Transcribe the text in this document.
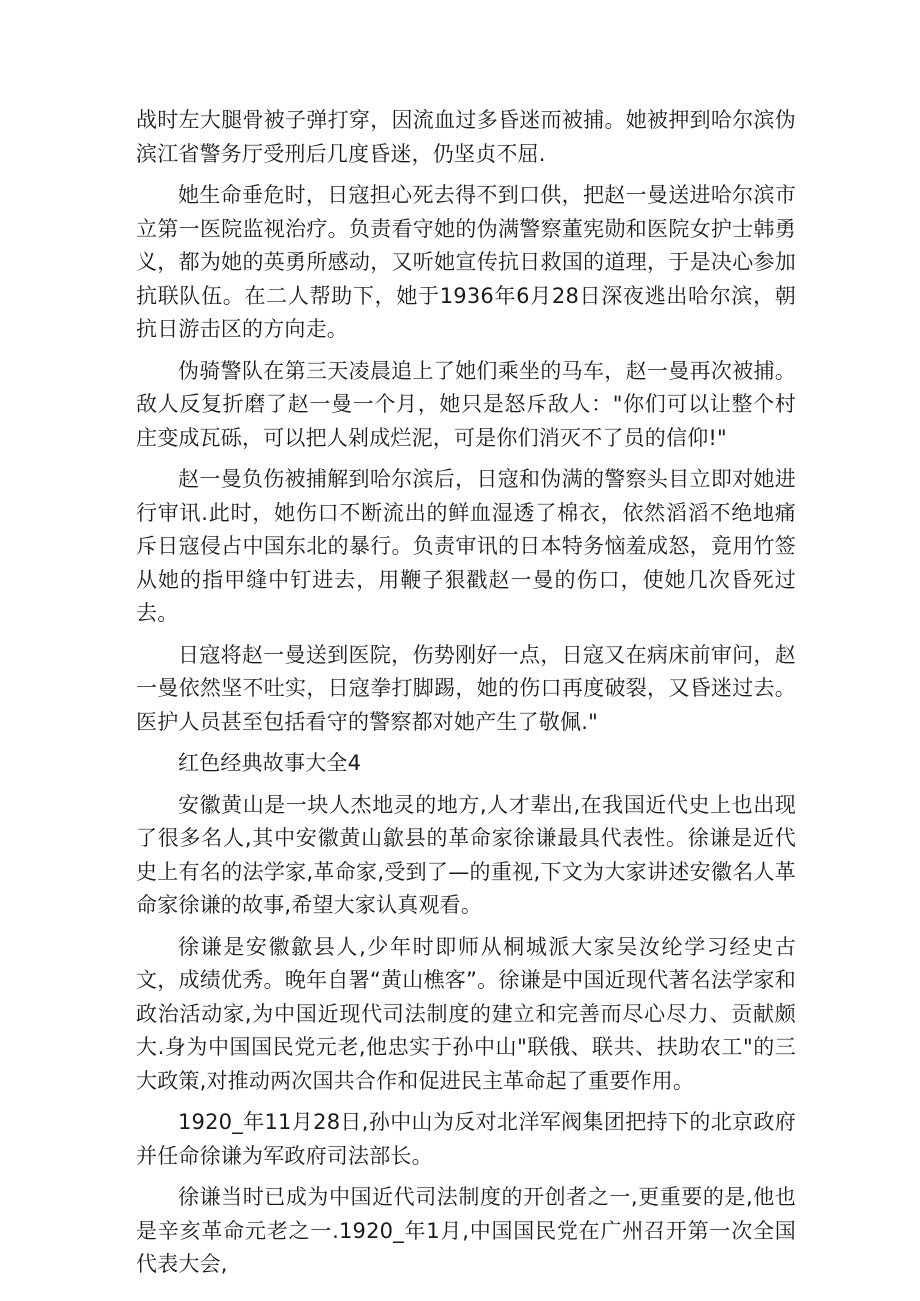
战时左大腿骨被子弹打穿，因流血过多昏迷而被捕。她被押到哈尔滨伪滨江省警务厅受刑后几度昏迷，仍坚贞不屈.

她生命垂危时，日寇担心死去得不到口供，把赵一曼送进哈尔滨市立第一医院监视治疗。负责看守她的伪满警察董宪勋和医院女护士韩勇义，都为她的英勇所感动，又听她宣传抗日救国的道理，于是决心参加抗联队伍。在二人帮助下，她于1936年6月28日深夜逃出哈尔滨，朝抗日游击区的方向走。

伪骑警队在第三天凌晨追上了她们乘坐的马车，赵一曼再次被捕。敌人反复折磨了赵一曼一个月，她只是怒斥敌人："你们可以让整个村庄变成瓦砾，可以把人剁成烂泥，可是你们消灭不了员的信仰!"

赵一曼负伤被捕解到哈尔滨后，日寇和伪满的警察头目立即对她进行审讯.此时，她伤口不断流出的鲜血湿透了棉衣，依然滔滔不绝地痛斥日寇侵占中国东北的暴行。负责审讯的日本特务恼羞成怒，竟用竹签从她的指甲缝中钉进去，用鞭子狠戳赵一曼的伤口，使她几次昏死过去。

日寇将赵一曼送到医院，伤势刚好一点，日寇又在病床前审问，赵一曼依然坚不吐实，日寇拳打脚踢，她的伤口再度破裂，又昏迷过去。医护人员甚至包括看守的警察都对她产生了敬佩."

红色经典故事大全4

安徽黄山是一块人杰地灵的地方,人才辈出,在我国近代史上也出现了很多名人,其中安徽黄山歙县的革命家徐谦最具代表性。徐谦是近代史上有名的法学家,革命家,受到了—的重视,下文为大家讲述安徽名人革命家徐谦的故事,希望大家认真观看。

徐谦是安徽歙县人,少年时即师从桐城派大家吴汝纶学习经史古文，成绩优秀。晚年自署“黄山樵客”。徐谦是中国近现代著名法学家和政治活动家,为中国近现代司法制度的建立和完善而尽心尽力、贡献颇大.身为中国国民党元老,他忠实于孙中山"联俄、联共、扶助农工"的三大政策,对推动两次国共合作和促进民主革命起了重要作用。

1920_年11月28日,孙中山为反对北洋军阀集团把持下的北京政府并任命徐谦为军政府司法部长。

徐谦当时已成为中国近代司法制度的开创者之一,更重要的是,他也是辛亥革命元老之一.1920_年1月,中国国民党在广州召开第一次全国代表大会,
